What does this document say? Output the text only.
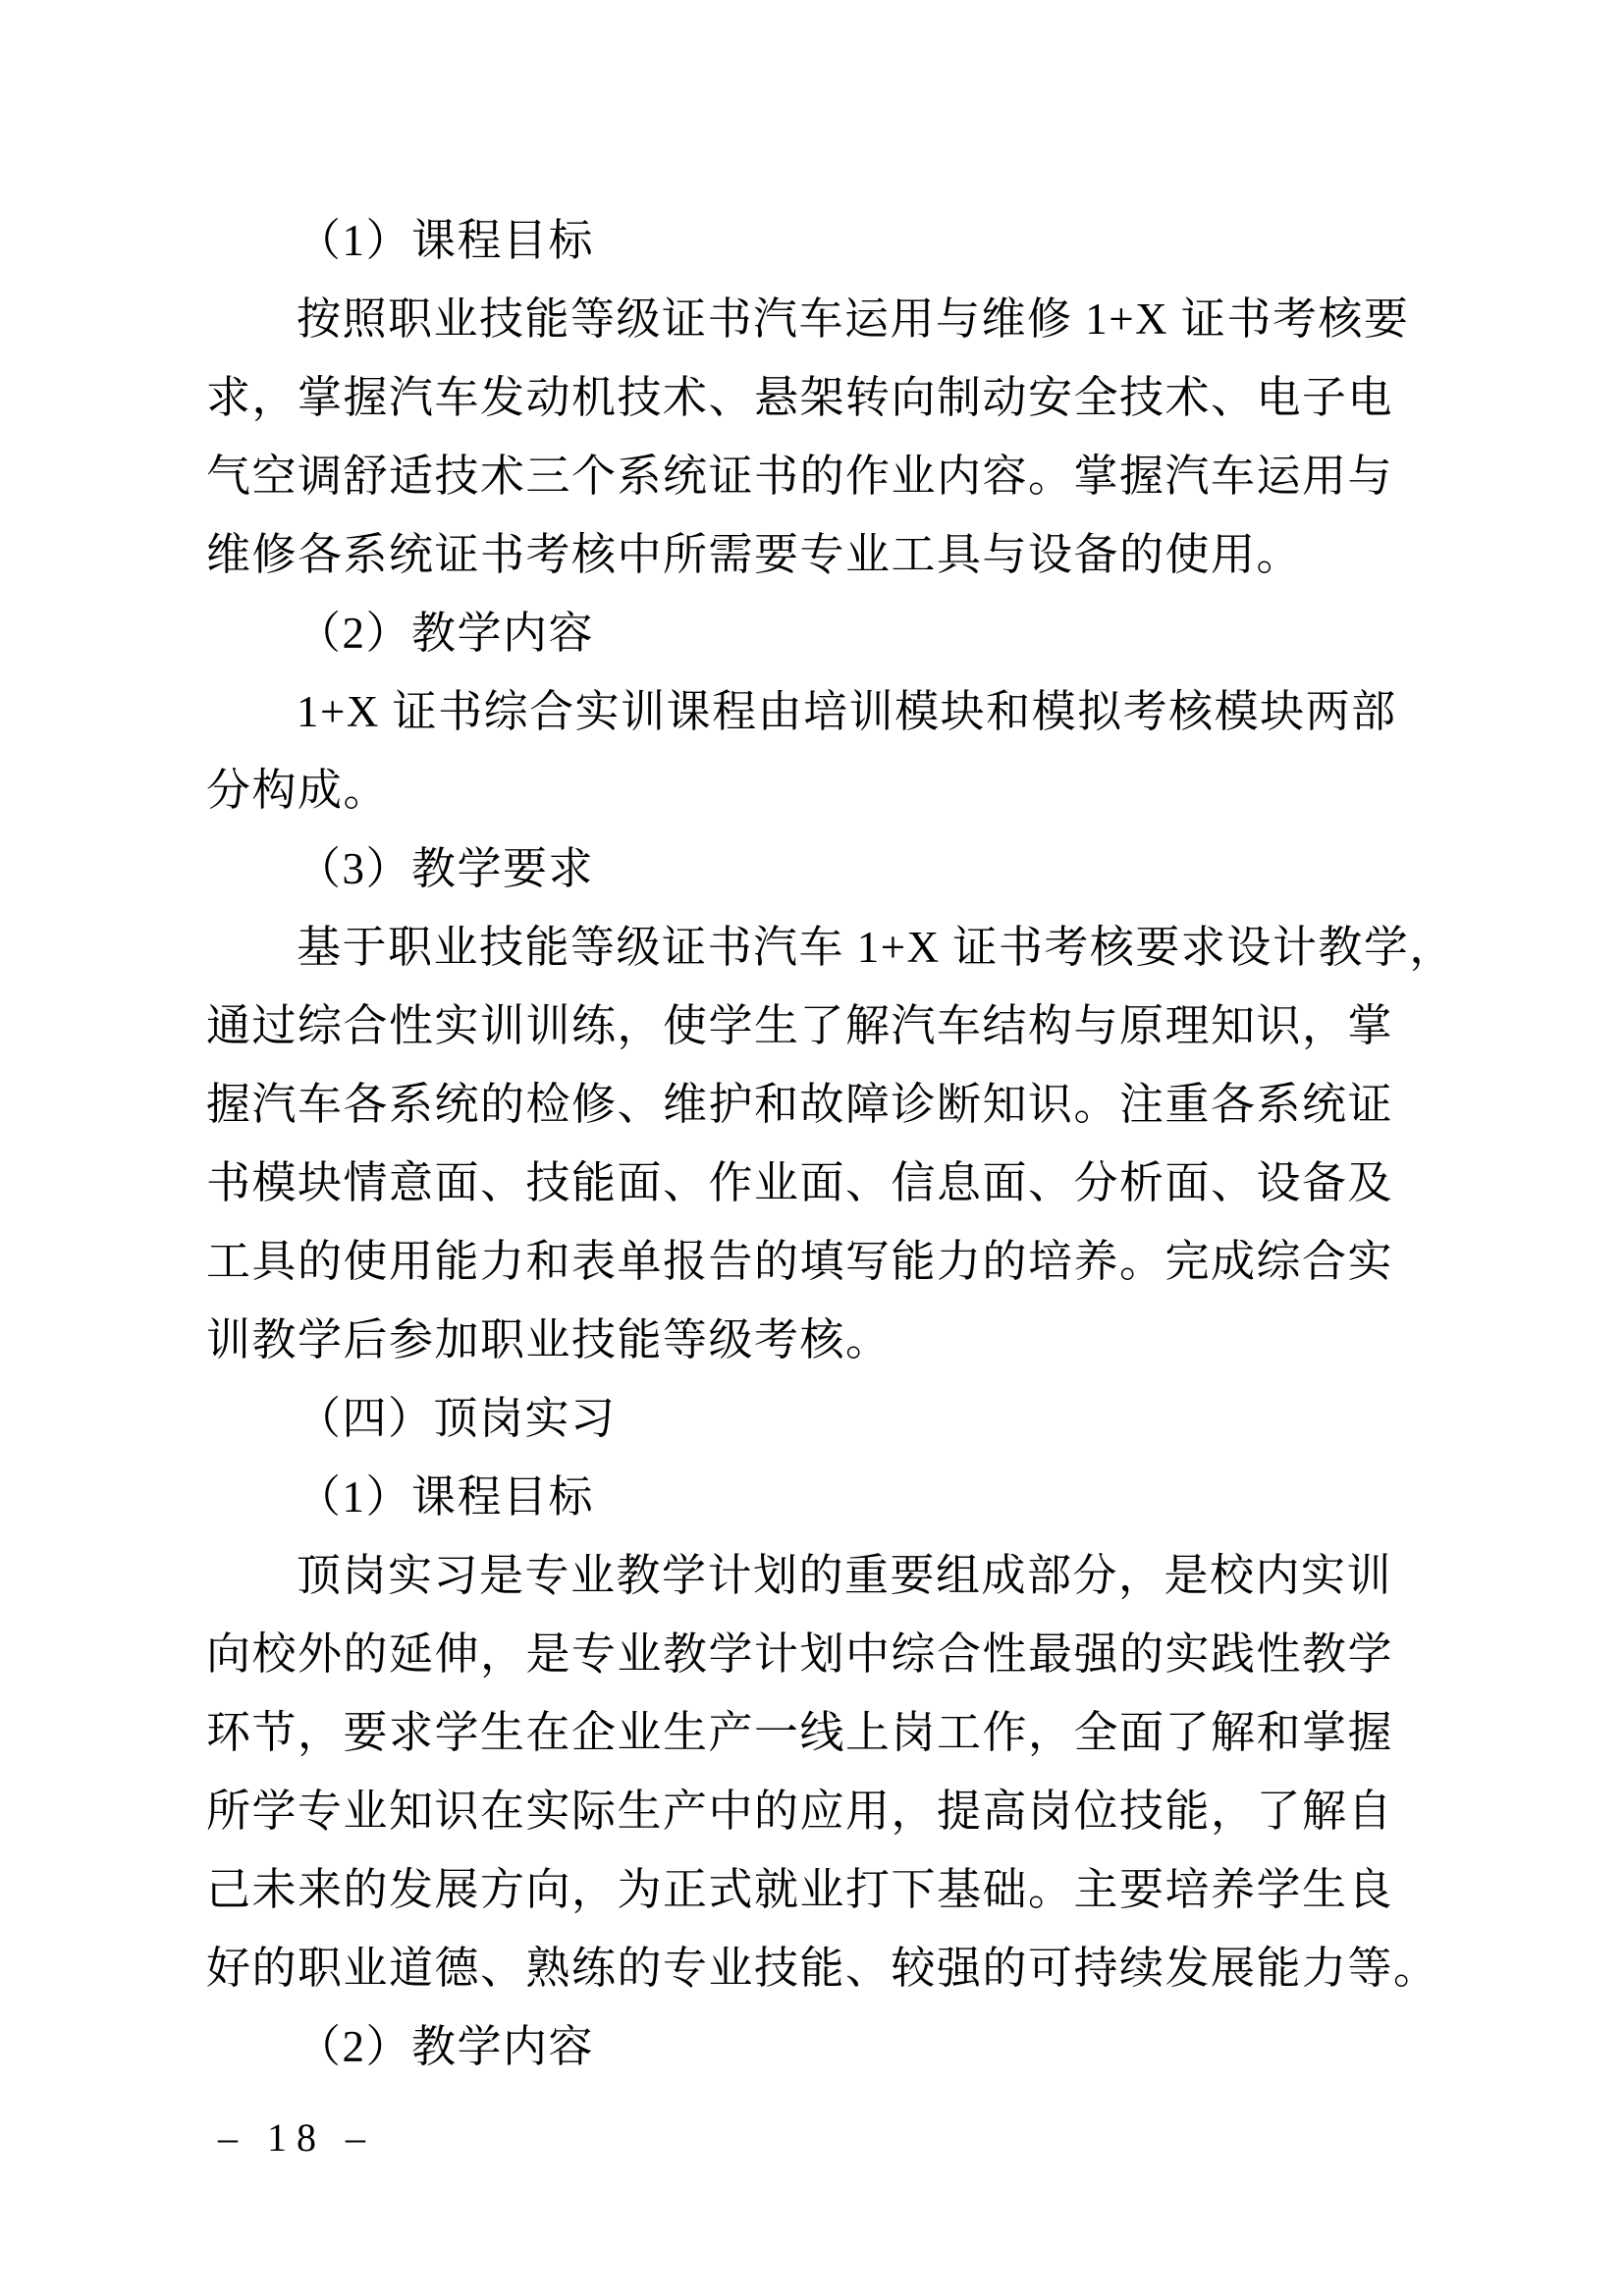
（1）课程目标
按照职业技能等级证书汽车运用与维修 1+X 证书考核要
求，掌握汽车发动机技术、悬架转向制动安全技术、电子电
气空调舒适技术三个系统证书的作业内容。掌握汽车运用与
维修各系统证书考核中所需要专业工具与设备的使用。
（2）教学内容
1+X 证书综合实训课程由培训模块和模拟考核模块两部
分构成。
（3）教学要求
基于职业技能等级证书汽车 1+X 证书考核要求设计教学，
通过综合性实训训练，使学生了解汽车结构与原理知识，掌
握汽车各系统的检修、维护和故障诊断知识。注重各系统证
书模块情意面、技能面、作业面、信息面、分析面、设备及
工具的使用能力和表单报告的填写能力的培养。完成综合实
训教学后参加职业技能等级考核。
（四）顶岗实习
（1）课程目标
顶岗实习是专业教学计划的重要组成部分，是校内实训
向校外的延伸，是专业教学计划中综合性最强的实践性教学
环节，要求学生在企业生产一线上岗工作，全面了解和掌握
所学专业知识在实际生产中的应用，提高岗位技能，了解自
己未来的发展方向，为正式就业打下基础。主要培养学生良
好的职业道德、熟练的专业技能、较强的可持续发展能力等。
（2）教学内容
– 18 –
